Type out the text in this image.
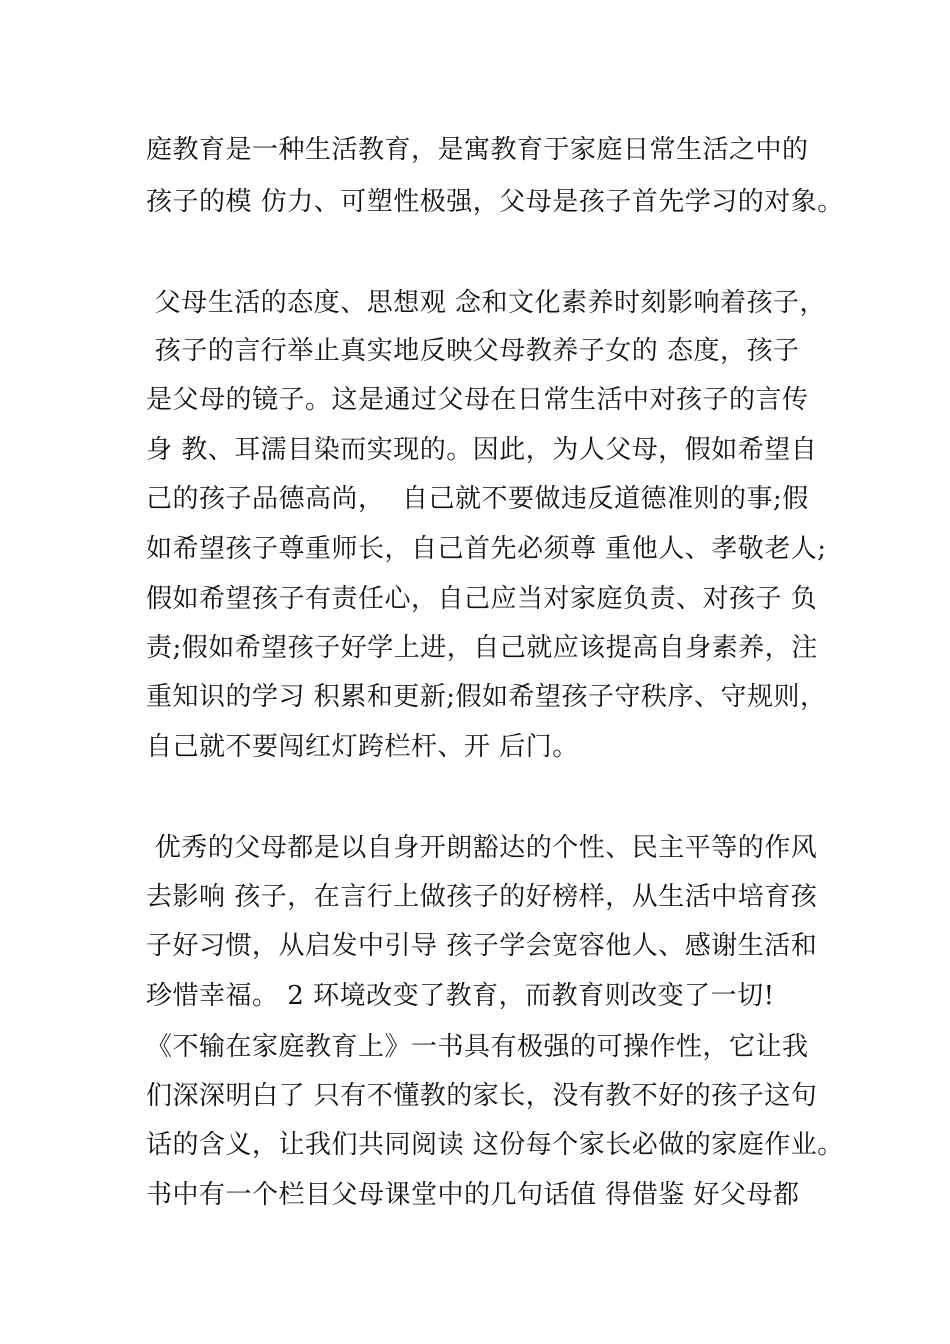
庭教育是一种生活教育，是寓教育于家庭日常生活之中的
孩子的模 仿力、可塑性极强，父母是孩子首先学习的对象。
父母生活的态度、思想观 念和文化素养时刻影响着孩子，
孩子的言行举止真实地反映父母教养子女的 态度，孩子
是父母的镜子。这是通过父母在日常生活中对孩子的言传
身 教、耳濡目染而实现的。因此，为人父母，假如希望自
己的孩子品德高尚，  自己就不要做违反道德准则的事;假
如希望孩子尊重师长，自己首先必须尊 重他人、孝敬老人;
假如希望孩子有责任心，自己应当对家庭负责、对孩子 负
责;假如希望孩子好学上进，自己就应该提高自身素养，注
重知识的学习 积累和更新;假如希望孩子守秩序、守规则，
自己就不要闯红灯跨栏杆、开 后门。
优秀的父母都是以自身开朗豁达的个性、民主平等的作风
去影响 孩子，在言行上做孩子的好榜样，从生活中培育孩
子好习惯，从启发中引导 孩子学会宽容他人、感谢生活和
珍惜幸福。 2 环境改变了教育，而教育则改变了一切!
《不输在家庭教育上》一书具有极强的可操作性，它让我
们深深明白了 只有不懂教的家长，没有教不好的孩子这句
话的含义，让我们共同阅读 这份每个家长必做的家庭作业。
书中有一个栏目父母课堂中的几句话值 得借鉴 好父母都
